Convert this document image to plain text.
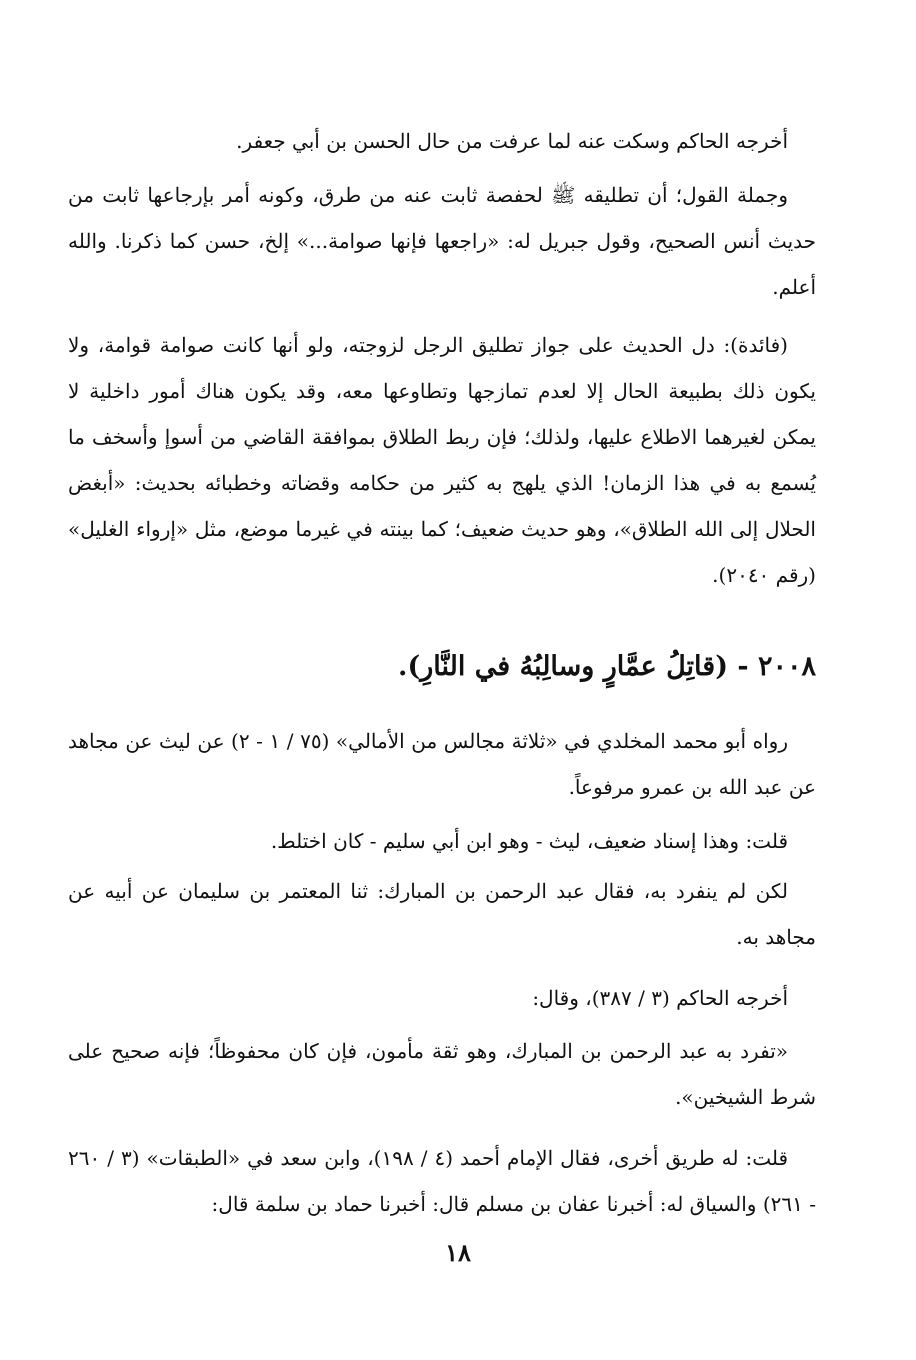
أخرجه الحاكم وسكت عنه لما عرفت من حال الحسن بن أبي جعفر.

وجملة القول؛ أن تطليقه ﷺ لحفصة ثابت عنه من طرق، وكونه أمر بإرجاعها ثابت من حديث أنس الصحيح، وقول جبريل له: «راجعها فإنها صوامة...» إلخ، حسن كما ذكرنا. والله أعلم.

(فائدة): دل الحديث على جواز تطليق الرجل لزوجته، ولو أنها كانت صوامة قوامة، ولا يكون ذلك بطبيعة الحال إلا لعدم تمازجها وتطاوعها معه، وقد يكون هناك أمور داخلية لا يمكن لغيرهما الاطلاع عليها، ولذلك؛ فإن ربط الطلاق بموافقة القاضي من أسوإ وأسخف ما يُسمع به في هذا الزمان! الذي يلهج به كثير من حكامه وقضاته وخطبائه بحديث: «أبغض الحلال إلى الله الطلاق»، وهو حديث ضعيف؛ كما بينته في غيرما موضع، مثل «إرواء الغليل» (رقم ٢٠٤٠).

٢٠٠٨ - (قاتِلُ عمَّارٍ وسالِبُهُ في النَّارِ).

رواه أبو محمد المخلدي في «ثلاثة مجالس من الأمالي» (٧٥ / ١ - ٢) عن ليث عن مجاهد عن عبد الله بن عمرو مرفوعاً.

قلت: وهذا إسناد ضعيف، ليث - وهو ابن أبي سليم - كان اختلط.

لكن لم ينفرد به، فقال عبد الرحمن بن المبارك: ثنا المعتمر بن سليمان عن أبيه عن مجاهد به.

أخرجه الحاكم (٣ / ٣٨٧)، وقال:

«تفرد به عبد الرحمن بن المبارك، وهو ثقة مأمون، فإن كان محفوظاً؛ فإنه صحيح على شرط الشيخين».

قلت: له طريق أخرى، فقال الإمام أحمد (٤ / ١٩٨)، وابن سعد في «الطبقات» (٣ / ٢٦٠ - ٢٦١) والسياق له: أخبرنا عفان بن مسلم قال: أخبرنا حماد بن سلمة قال:

١٨
